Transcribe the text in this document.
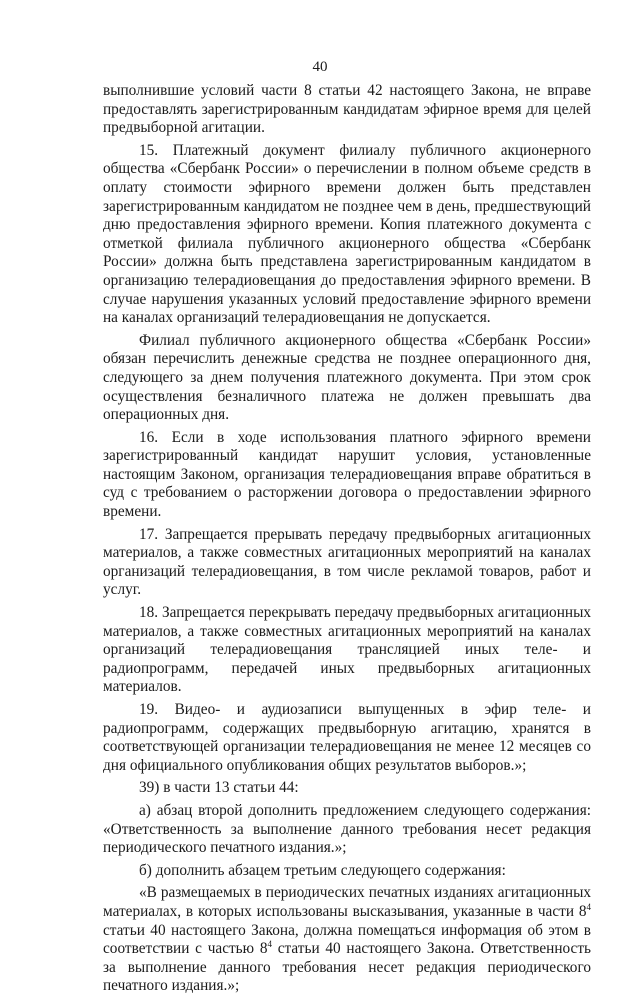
40

выполнившие условий части 8 статьи 42 настоящего Закона, не вправе предоставлять зарегистрированным кандидатам эфирное время для целей предвыборной агитации.

15. Платежный документ филиалу публичного акционерного общества «Сбербанк России» о перечислении в полном объеме средств в оплату стоимости эфирного времени должен быть представлен зарегистрированным кандидатом не позднее чем в день, предшествующий дню предоставления эфирного времени. Копия платежного документа с отметкой филиала публичного акционерного общества «Сбербанк России» должна быть представлена зарегистрированным кандидатом в организацию телерадиовещания до предоставления эфирного времени. В случае нарушения указанных условий предоставление эфирного времени на каналах организаций телерадиовещания не допускается.

Филиал публичного акционерного общества «Сбербанк России» обязан перечислить денежные средства не позднее операционного дня, следующего за днем получения платежного документа. При этом срок осуществления безналичного платежа не должен превышать два операционных дня.

16. Если в ходе использования платного эфирного времени зарегистрированный кандидат нарушит условия, установленные настоящим Законом, организация телерадиовещания вправе обратиться в суд с требованием о расторжении договора о предоставлении эфирного времени.

17. Запрещается прерывать передачу предвыборных агитационных материалов, а также совместных агитационных мероприятий на каналах организаций телерадиовещания, в том числе рекламой товаров, работ и услуг.

18. Запрещается перекрывать передачу предвыборных агитационных материалов, а также совместных агитационных мероприятий на каналах организаций телерадиовещания трансляцией иных теле- и радиопрограмм, передачей иных предвыборных агитационных материалов.

19. Видео- и аудиозаписи выпущенных в эфир теле- и радиопрограмм, содержащих предвыборную агитацию, хранятся в соответствующей организации телерадиовещания не менее 12 месяцев со дня официального опубликования общих результатов выборов.»;

39) в части 13 статьи 44:

а) абзац второй дополнить предложением следующего содержания: «Ответственность за выполнение данного требования несет редакция периодического печатного издания.»;

б) дополнить абзацем третьим следующего содержания:

«В размещаемых в периодических печатных изданиях агитационных материалах, в которых использованы высказывания, указанные в части $8^4$ статьи 40 настоящего Закона, должна помещаться информация об этом в соответствии с частью $8^4$ статьи 40 настоящего Закона. Ответственность за выполнение данного требования несет редакция периодического печатного издания.»;
